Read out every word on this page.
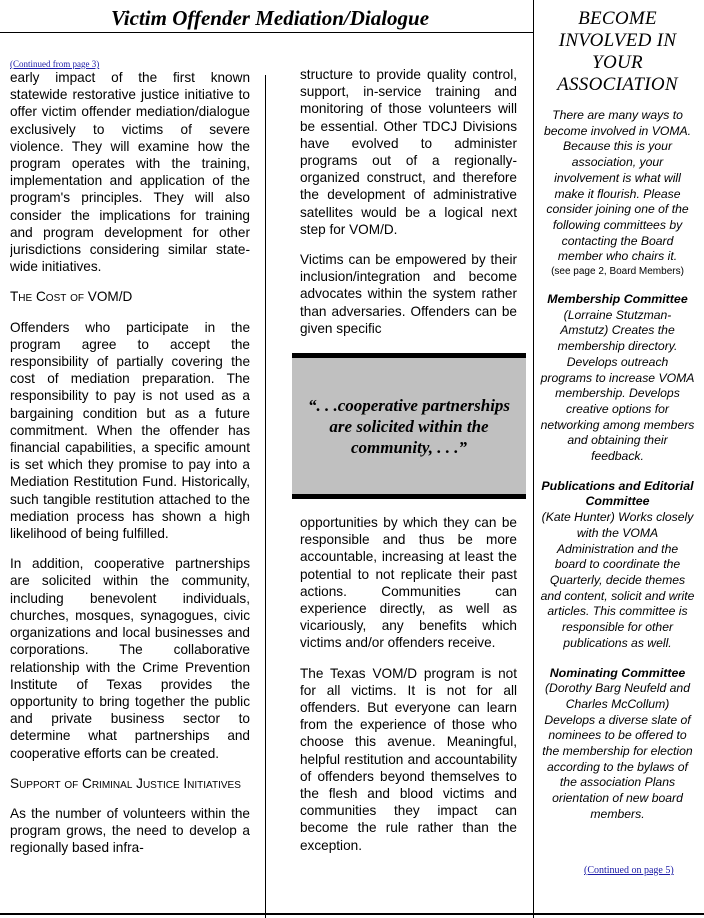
Victim Offender Mediation/Dialogue
(Continued from page 3)

early impact of the first known statewide restorative justice initiative to offer victim offender mediation/dialogue exclusively to victims of severe violence. They will examine how the program operates with the training, implementation and application of the program's principles. They will also consider the implications for training and program development for other jurisdictions considering similar state-wide initiatives.

The Cost of VOM/D

Offenders who participate in the program agree to accept the responsibility of partially covering the cost of mediation preparation. The responsibility to pay is not used as a bargaining condition but as a future commitment. When the offender has financial capabilities, a specific amount is set which they promise to pay into a Mediation Restitution Fund. Historically, such tangible restitution attached to the mediation process has shown a high likelihood of being fulfilled.

In addition, cooperative partnerships are solicited within the community, including benevolent individuals, churches, mosques, synagogues, civic organizations and local businesses and corporations. The collaborative relationship with the Crime Prevention Institute of Texas provides the opportunity to bring together the public and private business sector to determine what partnerships and cooperative efforts can be created.

Support of Criminal Justice Initiatives

As the number of volunteers within the program grows, the need to develop a regionally based infra-

structure to provide quality control, support, in-service training and monitoring of those volunteers will be essential. Other TDCJ Divisions have evolved to administer programs out of a regionally-organized construct, and therefore the development of administrative satellites would be a logical next step for VOM/D.

Victims can be empowered by their inclusion/integration and become advocates within the system rather than adversaries. Offenders can be given specific

“. . .cooperative partnerships are solicited within the community, . . .”

opportunities by which they can be responsible and thus be more accountable, increasing at least the potential to not replicate their past actions. Communities can experience directly, as well as vicariously, any benefits which victims and/or offenders receive.

The Texas VOM/D program is not for all victims. It is not for all offenders. But everyone can learn from the experience of those who choose this avenue. Meaningful, helpful restitution and accountability of offenders beyond themselves to the flesh and blood victims and communities they impact can become the rule rather than the exception.

BECOME INVOLVED IN YOUR ASSOCIATION

There are many ways to become involved in VOMA. Because this is your association, your involvement is what will make it flourish. Please consider joining one of the following committees by contacting the Board member who chairs it.

(see page 2, Board Members)

Membership Committee

(Lorraine Stutzman-Amstutz) Creates the membership directory. Develops outreach programs to increase VOMA membership. Develops creative options for networking among members and obtaining their feedback.

Publications and Editorial Committee

(Kate Hunter) Works closely with the VOMA Administration and the board to coordinate the Quarterly, decide themes and content, solicit and write articles. This committee is responsible for other publications as well.

Nominating Committee

(Dorothy Barg Neufeld and Charles McCollum) Develops a diverse slate of nominees to be offered to the membership for election according to the bylaws of the association Plans orientation of new board members.

(Continued on page 5)
